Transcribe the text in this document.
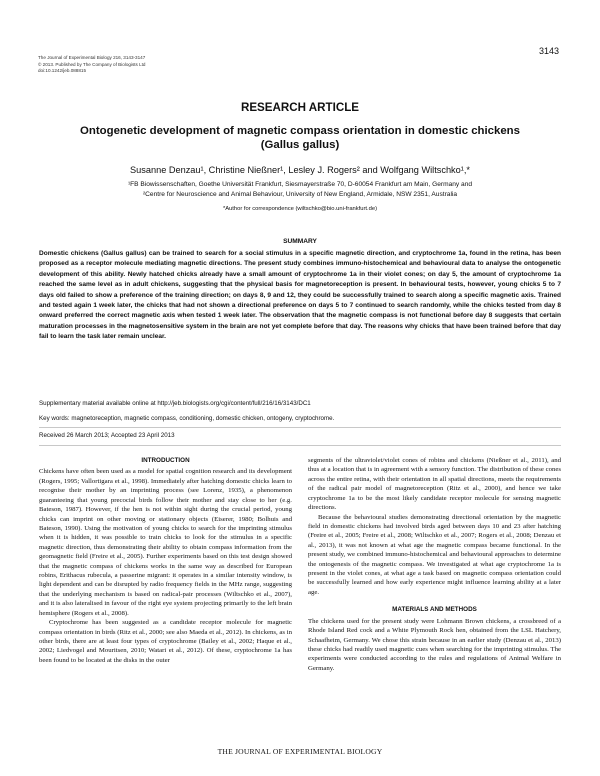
3143
The Journal of Experimental Biology 216, 3143-3147
© 2013. Published by The Company of Biologists Ltd
doi:10.1242/jeb.088815
RESEARCH ARTICLE
Ontogenetic development of magnetic compass orientation in domestic chickens
(Gallus gallus)
Susanne Denzau¹, Christine Nießner¹, Lesley J. Rogers² and Wolfgang Wiltschko¹,*
¹FB Biowissenschaften, Goethe Universität Frankfurt, Siesmayerstraße 70, D-60054 Frankfurt am Main, Germany and
²Centre for Neuroscience and Animal Behaviour, University of New England, Armidale, NSW 2351, Australia
*Author for correspondence (wiltschko@bio.uni-frankfurt.de)
SUMMARY
Domestic chickens (Gallus gallus) can be trained to search for a social stimulus in a specific magnetic direction, and cryptochrome 1a, found in the retina, has been proposed as a receptor molecule mediating magnetic directions. The present study combines immuno-histochemical and behavioural data to analyse the ontogenetic development of this ability. Newly hatched chicks already have a small amount of cryptochrome 1a in their violet cones; on day 5, the amount of cryptochrome 1a reached the same level as in adult chickens, suggesting that the physical basis for magnetoreception is present. In behavioural tests, however, young chicks 5 to 7 days old failed to show a preference of the training direction; on days 8, 9 and 12, they could be successfully trained to search along a specific magnetic axis. Trained and tested again 1 week later, the chicks that had not shown a directional preference on days 5 to 7 continued to search randomly, while the chicks tested from day 8 onward preferred the correct magnetic axis when tested 1 week later. The observation that the magnetic compass is not functional before day 8 suggests that certain maturation processes in the magnetosensitive system in the brain are not yet complete before that day. The reasons why chicks that have been trained before that day fail to learn the task later remain unclear.
Supplementary material available online at http://jeb.biologists.org/cgi/content/full/216/16/3143/DC1
Key words: magnetoreception, magnetic compass, conditioning, domestic chicken, ontogeny, cryptochrome.
Received 26 March 2013; Accepted 23 April 2013
INTRODUCTION

Chickens have often been used as a model for spatial cognition research and its development (Rogers, 1995; Vallortigara et al., 1998). Immediately after hatching domestic chicks learn to recognise their mother by an imprinting process (see Lorenz, 1935), a phenomenon guaranteeing that young precocial birds follow their mother and stay close to her (e.g. Bateson, 1987). However, if the hen is not within sight during the crucial period, young chicks can imprint on other moving or stationary objects (Eiserer, 1980; Bolhuis and Bateson, 1990). Using the motivation of young chicks to search for the imprinting stimulus when it is hidden, it was possible to train chicks to look for the stimulus in a specific magnetic direction, thus demonstrating their ability to obtain compass information from the geomagnetic field (Freire et al., 2005). Further experiments based on this test design showed that the magnetic compass of chickens works in the same way as described for European robins, Erithacus rubecula, a passerine migrant: it operates in a similar intensity window, is light dependent and can be disrupted by radio frequency fields in the MHz range, suggesting that the underlying mechanism is based on radical-pair processes (Wiltschko et al., 2007), and it is also lateralised in favour of the right eye system projecting primarily to the left brain hemisphere (Rogers et al., 2008).

Cryptochrome has been suggested as a candidate receptor molecule for magnetic compass orientation in birds (Ritz et al., 2000; see also Maeda et al., 2012). In chickens, as in other birds, there are at least four types of cryptochrome (Bailey et al., 2002; Haque et al., 2002; Liedvogel and Mouritsen, 2010; Watari et al., 2012). Of these, cryptochrome 1a has been found to be located at the disks in the outer

segments of the ultraviolet/violet cones of robins and chickens (Nießner et al., 2011), and thus at a location that is in agreement with a sensory function. The distribution of these cones across the entire retina, with their orientation in all spatial directions, meets the requirements of the radical pair model of magnetoreception (Ritz et al., 2000), and hence we take cryptochrome 1a to be the most likely candidate receptor molecule for sensing magnetic directions.

Because the behavioural studies demonstrating directional orientation by the magnetic field in domestic chickens had involved birds aged between days 10 and 23 after hatching (Freire et al., 2005; Freire et al., 2008; Wiltschko et al., 2007; Rogers et al., 2008; Denzau et al., 2013), it was not known at what age the magnetic compass became functional. In the present study, we combined immuno-histochemical and behavioural approaches to determine the ontogenesis of the magnetic compass. We investigated at what age cryptochrome 1a is present in the violet cones, at what age a task based on magnetic compass orientation could be successfully learned and how early experience might influence learning ability at a later age.

MATERIALS AND METHODS

The chickens used for the present study were Lohmann Brown chickens, a crossbreed of a Rhode Island Red cock and a White Plymouth Rock hen, obtained from the LSL Hatchery, Schaafheim, Germany. We chose this strain because in an earlier study (Denzau et al., 2013) these chicks had readily used magnetic cues when searching for the imprinting stimulus. The experiments were conducted according to the rules and regulations of Animal Welfare in Germany.

THE JOURNAL OF EXPERIMENTAL BIOLOGY
